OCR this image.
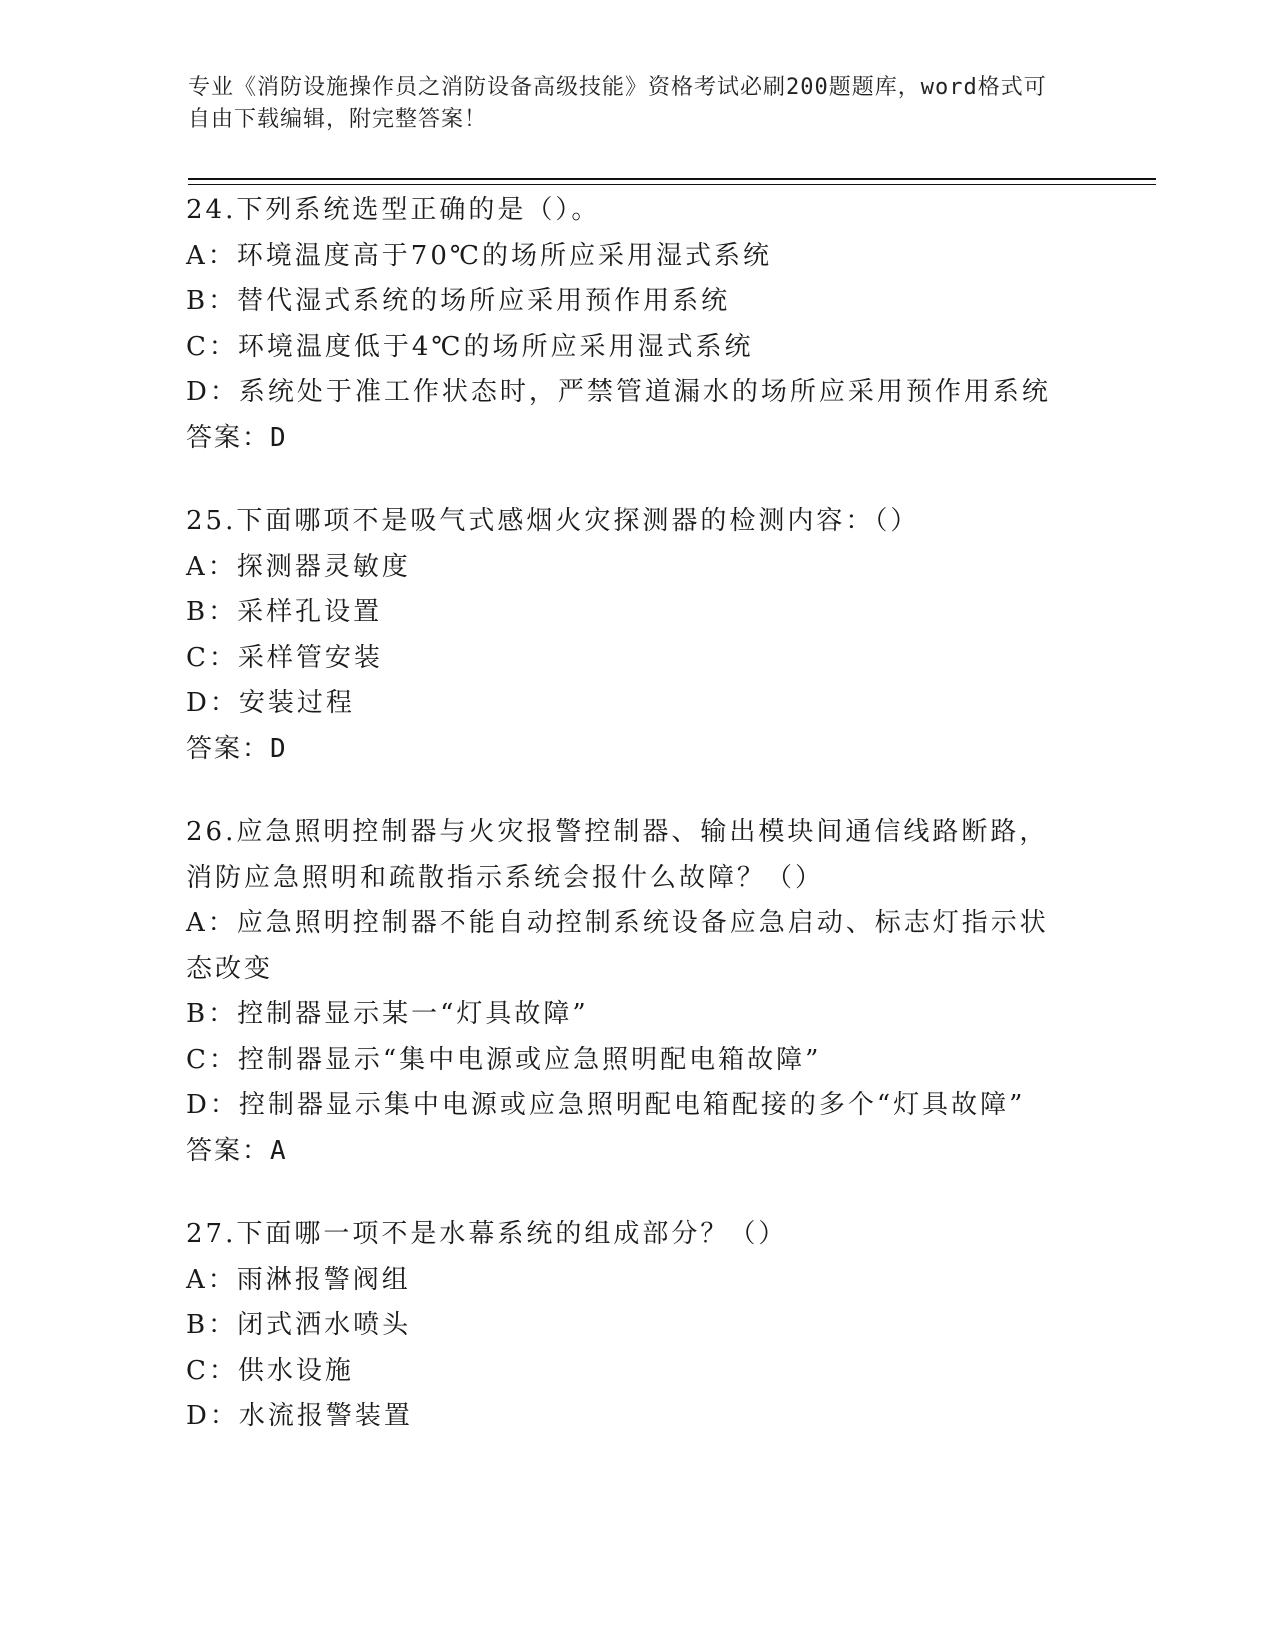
专业《消防设施操作员之消防设备高级技能》资格考试必刷200题题库，word格式可自由下载编辑，附完整答案！

24.下列系统选型正确的是（）。

A：环境温度高于70℃的场所应采用湿式系统

B：替代湿式系统的场所应采用预作用系统

C：环境温度低于4℃的场所应采用湿式系统

D：系统处于准工作状态时，严禁管道漏水的场所应采用预作用系统

答案：D

25.下面哪项不是吸气式感烟火灾探测器的检测内容：（）

A：探测器灵敏度

B：采样孔设置

C：采样管安装

D：安装过程

答案：D

26.应急照明控制器与火灾报警控制器、输出模块间通信线路断路，消防应急照明和疏散指示系统会报什么故障？（）

A：应急照明控制器不能自动控制系统设备应急启动、标志灯指示状态改变

B：控制器显示某一“灯具故障”

C：控制器显示“集中电源或应急照明配电箱故障”

D：控制器显示集中电源或应急照明配电箱配接的多个“灯具故障”

答案：A

27.下面哪一项不是水幕系统的组成部分？（）

A：雨淋报警阀组

B：闭式洒水喷头

C：供水设施

D：水流报警装置
